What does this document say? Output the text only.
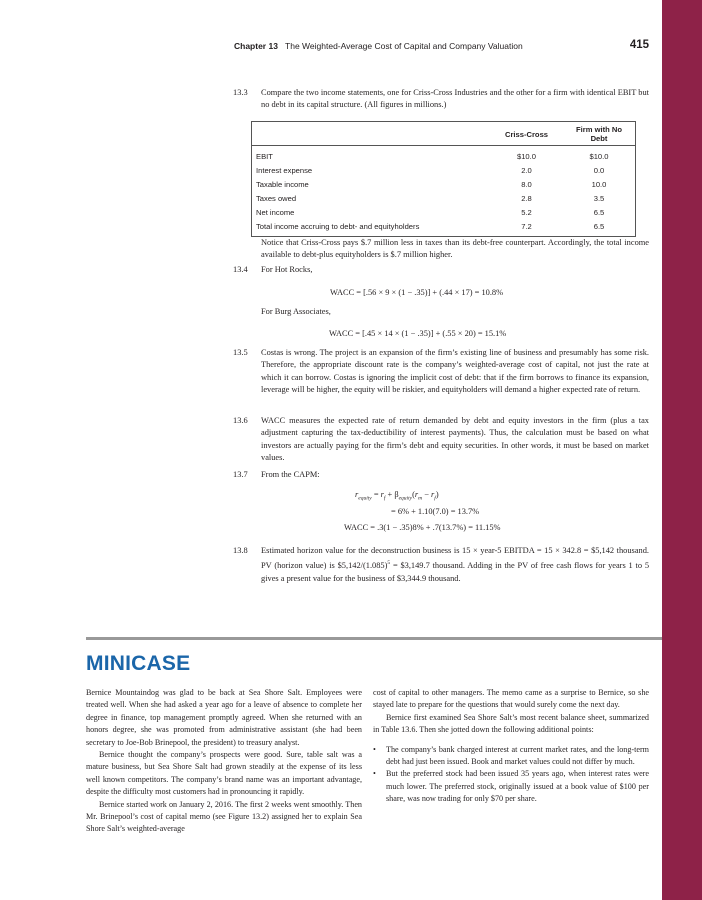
Chapter 13 The Weighted-Average Cost of Capital and Company Valuation	415
13.3 Compare the two income statements, one for Criss-Cross Industries and the other for a firm with identical EBIT but no debt in its capital structure. (All figures in millions.)

	Criss-Cross	Firm with No Debt
EBIT	$10.0	$10.0
Interest expense	2.0	0.0
Taxable income	8.0	10.0
Taxes owed	2.8	3.5
Net income	5.2	6.5
Total income accruing to debt- and equityholders	7.2	6.5

Notice that Criss-Cross pays $.7 million less in taxes than its debt-free counterpart. Accordingly, the total income available to debt-plus equityholders is $.7 million higher.

13.4 For Hot Rocks,

WACC = [.56 × 9 × (1 − .35)] + (.44 × 17) = 10.8%

For Burg Associates,

WACC = [.45 × 14 × (1 − .35)] + (.55 × 20) = 15.1%
13.5 Costas is wrong. The project is an expansion of the firm’s existing line of business and presumably has some risk. Therefore, the appropriate discount rate is the company’s weighted-average cost of capital, not just the rate at which it can borrow. Costas is ignoring the implicit cost of debt: that if the firm borrows to finance its expansion, leverage will be higher, the equity will be riskier, and equityholders will demand a higher expected rate of return.

13.6 WACC measures the expected rate of return demanded by debt and equity investors in the firm (plus a tax adjustment capturing the tax-deductibility of interest payments). Thus, the calculation must be based on what investors are actually paying for the firm’s debt and equity securities. In other words, it must be based on market values.

13.7 From the CAPM:

$r_{equity} = r_f + \beta_{equity}(r_m - r_f)$
= 6% + 1.10(7.0) = 13.7%
WACC = .3(1 − .35)8% + .7(13.7%) = 11.15%
13.8 Estimated horizon value for the deconstruction business is 15 × year-5 EBITDA = 15 × 342.8 = $5,142 thousand. PV (horizon value) is $\$5,142/(1.085)^5$ = $3,149.7 thousand. Adding in the PV of free cash flows for years 1 to 5 gives a present value for the business of $3,344.9 thousand.

MINICASE

Bernice Mountaindog was glad to be back at Sea Shore Salt. Employees were treated well. When she had asked a year ago for a leave of absence to complete her degree in finance, top management promptly agreed. When she returned with an honors degree, she was promoted from administrative assistant (she had been secretary to Joe-Bob Brinepool, the president) to treasury analyst.

Bernice thought the company’s prospects were good. Sure, table salt was a mature business, but Sea Shore Salt had grown steadily at the expense of its less well known competitors. The company’s brand name was an important advantage, despite the difficulty most customers had in pronouncing it rapidly.

Bernice started work on January 2, 2016. The first 2 weeks went smoothly. Then Mr. Brinepool’s cost of capital memo (see Figure 13.2) assigned her to explain Sea Shore Salt’s weighted-average

cost of capital to other managers. The memo came as a surprise to Bernice, so she stayed late to prepare for the questions that would surely come the next day.

Bernice first examined Sea Shore Salt’s most recent balance sheet, summarized in Table 13.6. Then she jotted down the following additional points:

• The company’s bank charged interest at current market rates, and the long-term debt had just been issued. Book and market values could not differ by much.

• But the preferred stock had been issued 35 years ago, when interest rates were much lower. The preferred stock, originally issued at a book value of $100 per share, was now trading for only $70 per share.
